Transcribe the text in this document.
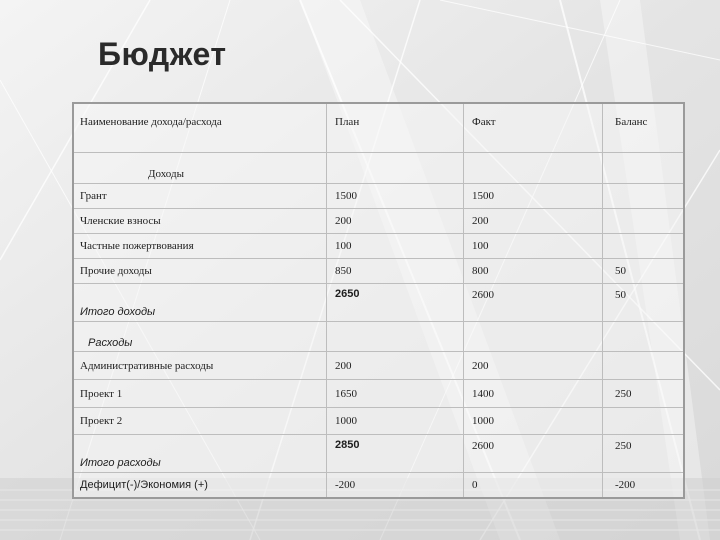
Бюджет
Наименование дохода/расхода	План	Факт	Баланс
Доходы			
Грант	1500	1500	
Членские взносы	200	200	
Частные пожертвования	100	100	
Прочие доходы	850	800	50
Итого доходы	2650	2600	50
Расходы			
Административные расходы	200	200	
Проект 1	1650	1400	250
Проект 2	1000	1000	
Итого расходы	2850	2600	250
Дефицит(-)/Экономия (+)	-200	0	-200
